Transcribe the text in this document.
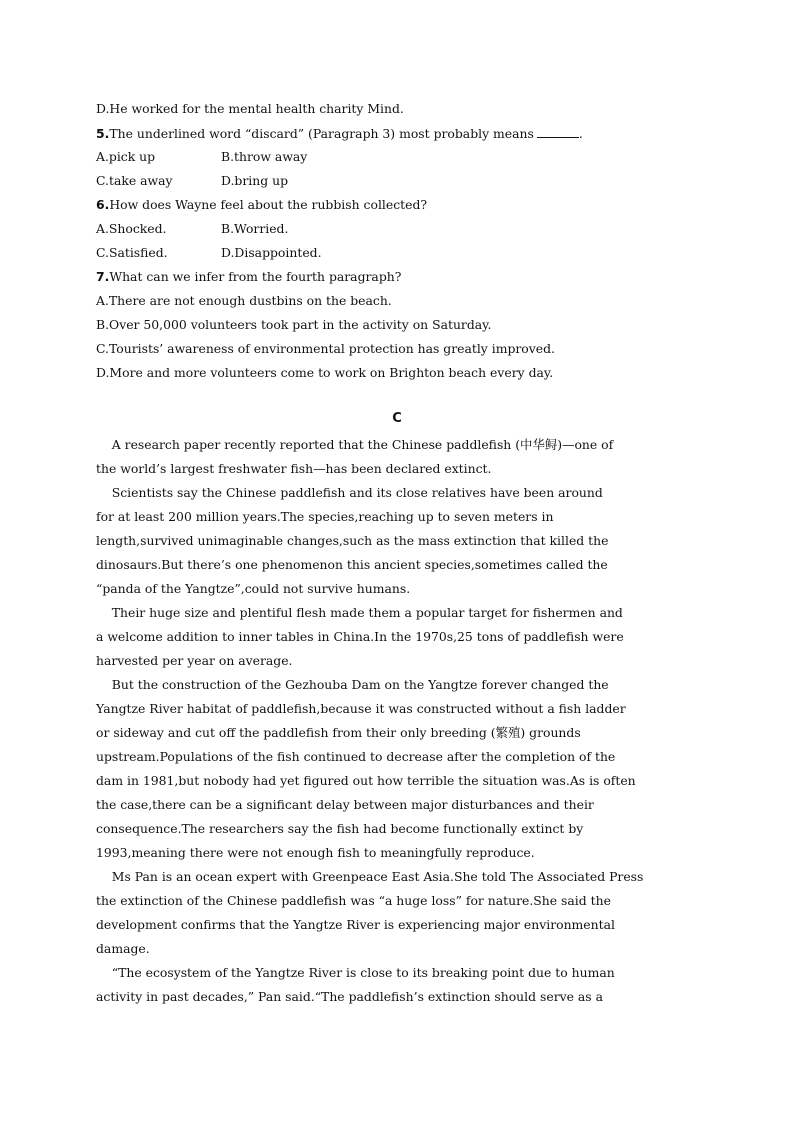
D.He worked for the mental health charity Mind.
5.The underlined word “discard” (Paragraph 3) most probably means	.
A.pick up	B.throw away
C.take away	D.bring up
6.How does Wayne feel about the rubbish collected?
A.Shocked.	B.Worried.
C.Satisfied.	D.Disappointed.
7.What can we infer from the fourth paragraph?
A.There are not enough dustbins on the beach.
B.Over 50,000 volunteers took part in the activity on Saturday.
C.Tourists’ awareness of environmental protection has greatly improved.
D.More and more volunteers come to work on Brighton beach every day.
C
A research paper recently reported that the Chinese paddlefish (中华鲟)—one of
the world’s largest freshwater fish—has been declared extinct.
Scientists say the Chinese paddlefish and its close relatives have been around
for at least 200 million years.The species,reaching up to seven meters in
length,survived unimaginable changes,such as the mass extinction that killed the
dinosaurs.But there’s one phenomenon this ancient species,sometimes called the
“panda of the Yangtze”,could not survive humans.
Their huge size and plentiful flesh made them a popular target for fishermen and
a welcome addition to inner tables in China.In the 1970s,25 tons of paddlefish were
harvested per year on average.
But the construction of the Gezhouba Dam on the Yangtze forever changed the
Yangtze River habitat of paddlefish,because it was constructed without a fish ladder
or sideway and cut off the paddlefish from their only breeding (繁殖) grounds
upstream.Populations of the fish continued to decrease after the completion of the
dam in 1981,but nobody had yet figured out how terrible the situation was.As is often
the case,there can be a significant delay between major disturbances and their
consequence.The researchers say the fish had become functionally extinct by
1993,meaning there were not enough fish to meaningfully reproduce.
Ms Pan is an ocean expert with Greenpeace East Asia.She told The Associated Press
the extinction of the Chinese paddlefish was “a huge loss” for nature.She said the
development confirms that the Yangtze River is experiencing major environmental
damage.
“The ecosystem of the Yangtze River is close to its breaking point due to human
activity in past decades,” Pan said.“The paddlefish’s extinction should serve as a
